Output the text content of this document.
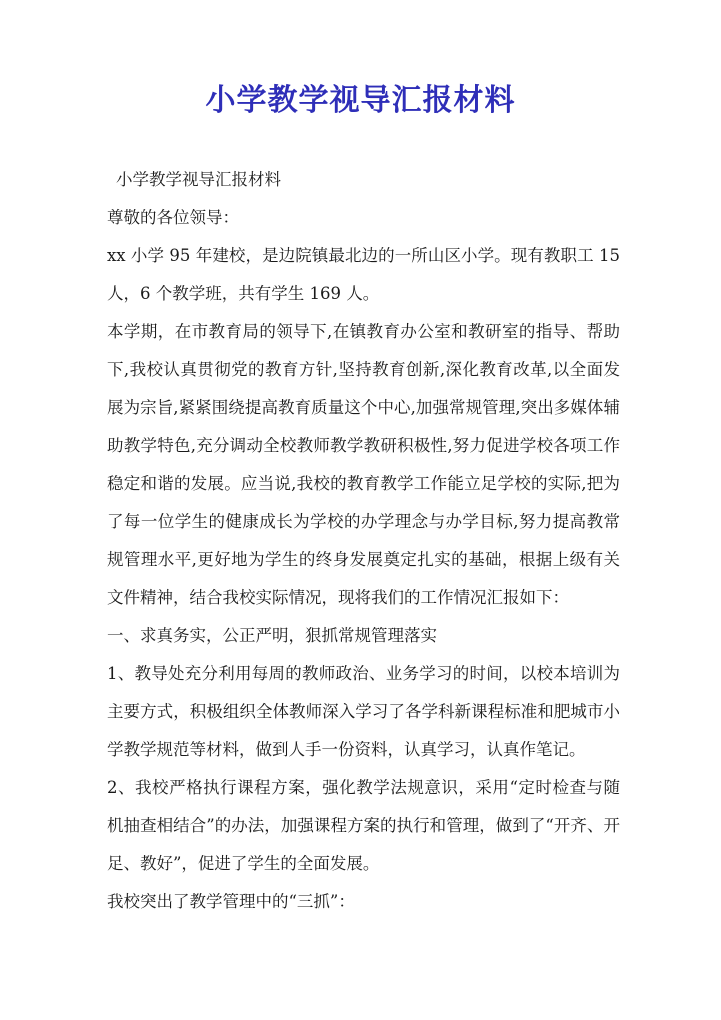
小学教学视导汇报材料

小学教学视导汇报材料

尊敬的各位领导：

xx 小学 95 年建校，是边院镇最北边的一所山区小学。现有教职工 15 人，6 个教学班，共有学生 169 人。

本学期，在市教育局的领导下,在镇教育办公室和教研室的指导、帮助下,我校认真贯彻党的教育方针,坚持教育创新,深化教育改革,以全面发展为宗旨,紧紧围绕提高教育质量这个中心,加强常规管理,突出多媒体辅助教学特色,充分调动全校教师教学教研积极性,努力促进学校各项工作稳定和谐的发展。应当说,我校的教育教学工作能立足学校的实际,把为了每一位学生的健康成长为学校的办学理念与办学目标,努力提高教常规管理水平,更好地为学生的终身发展奠定扎实的基础，根据上级有关文件精神，结合我校实际情况，现将我们的工作情况汇报如下：

一、求真务实，公正严明，狠抓常规管理落实

1、教导处充分利用每周的教师政治、业务学习的时间，以校本培训为主要方式，积极组织全体教师深入学习了各学科新课程标准和肥城市小学教学规范等材料，做到人手一份资料，认真学习，认真作笔记。

2、我校严格执行课程方案，强化教学法规意识，采用“定时检查与随机抽查相结合”的办法，加强课程方案的执行和管理，做到了“开齐、开足、教好”，促进了学生的全面发展。

我校突出了教学管理中的“三抓”：
